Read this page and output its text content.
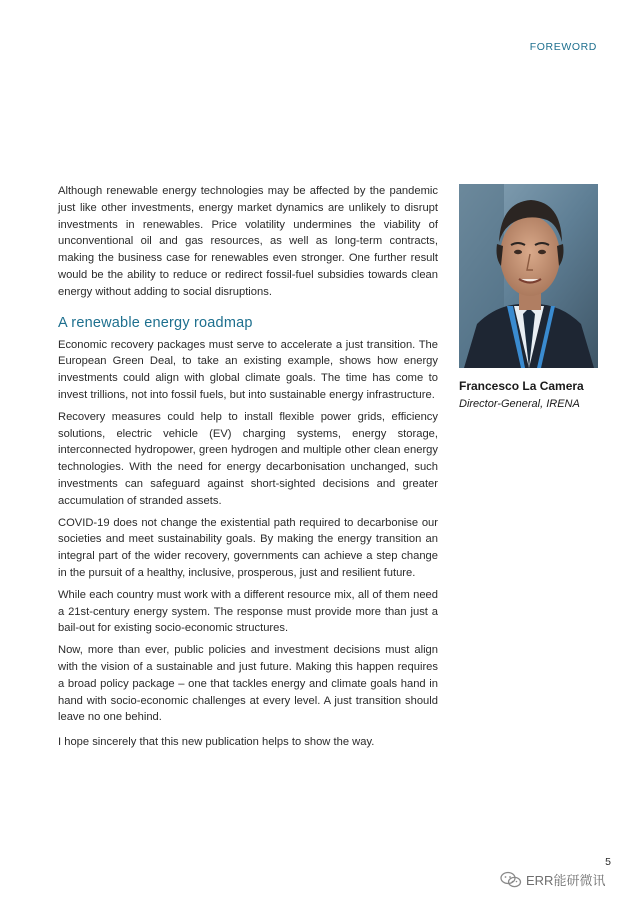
FOREWORD

Although renewable energy technologies may be affected by the pandemic just like other investments, energy market dynamics are unlikely to disrupt investments in renewables. Price volatility undermines the viability of unconventional oil and gas resources, as well as long-term contracts, making the business case for renewables even stronger. One further result would be the ability to reduce or redirect fossil-fuel subsidies towards clean energy without adding to social disruptions.

A renewable energy roadmap

Economic recovery packages must serve to accelerate a just transition. The European Green Deal, to take an existing example, shows how energy investments could align with global climate goals. The time has come to invest trillions, not into fossil fuels, but into sustainable energy infrastructure.

Recovery measures could help to install flexible power grids, efficiency solutions, electric vehicle (EV) charging systems, energy storage, interconnected hydropower, green hydrogen and multiple other clean energy technologies. With the need for energy decarbonisation unchanged, such investments can safeguard against short-sighted decisions and greater accumulation of stranded assets.

COVID-19 does not change the existential path required to decarbonise our societies and meet sustainability goals. By making the energy transition an integral part of the wider recovery, governments can achieve a step change in the pursuit of a healthy, inclusive, prosperous, just and resilient future.

While each country must work with a different resource mix, all of them need a 21st-century energy system. The response must provide more than just a bail-out for existing socio-economic structures.

Now, more than ever, public policies and investment decisions must align with the vision of a sustainable and just future. Making this happen requires a broad policy package – one that tackles energy and climate goals hand in hand with socio-economic challenges at every level. A just transition should leave no one behind.

I hope sincerely that this new publication helps to show the way.

Francesco La Camera
Director-General, IRENA
5
ERR能研微讯
